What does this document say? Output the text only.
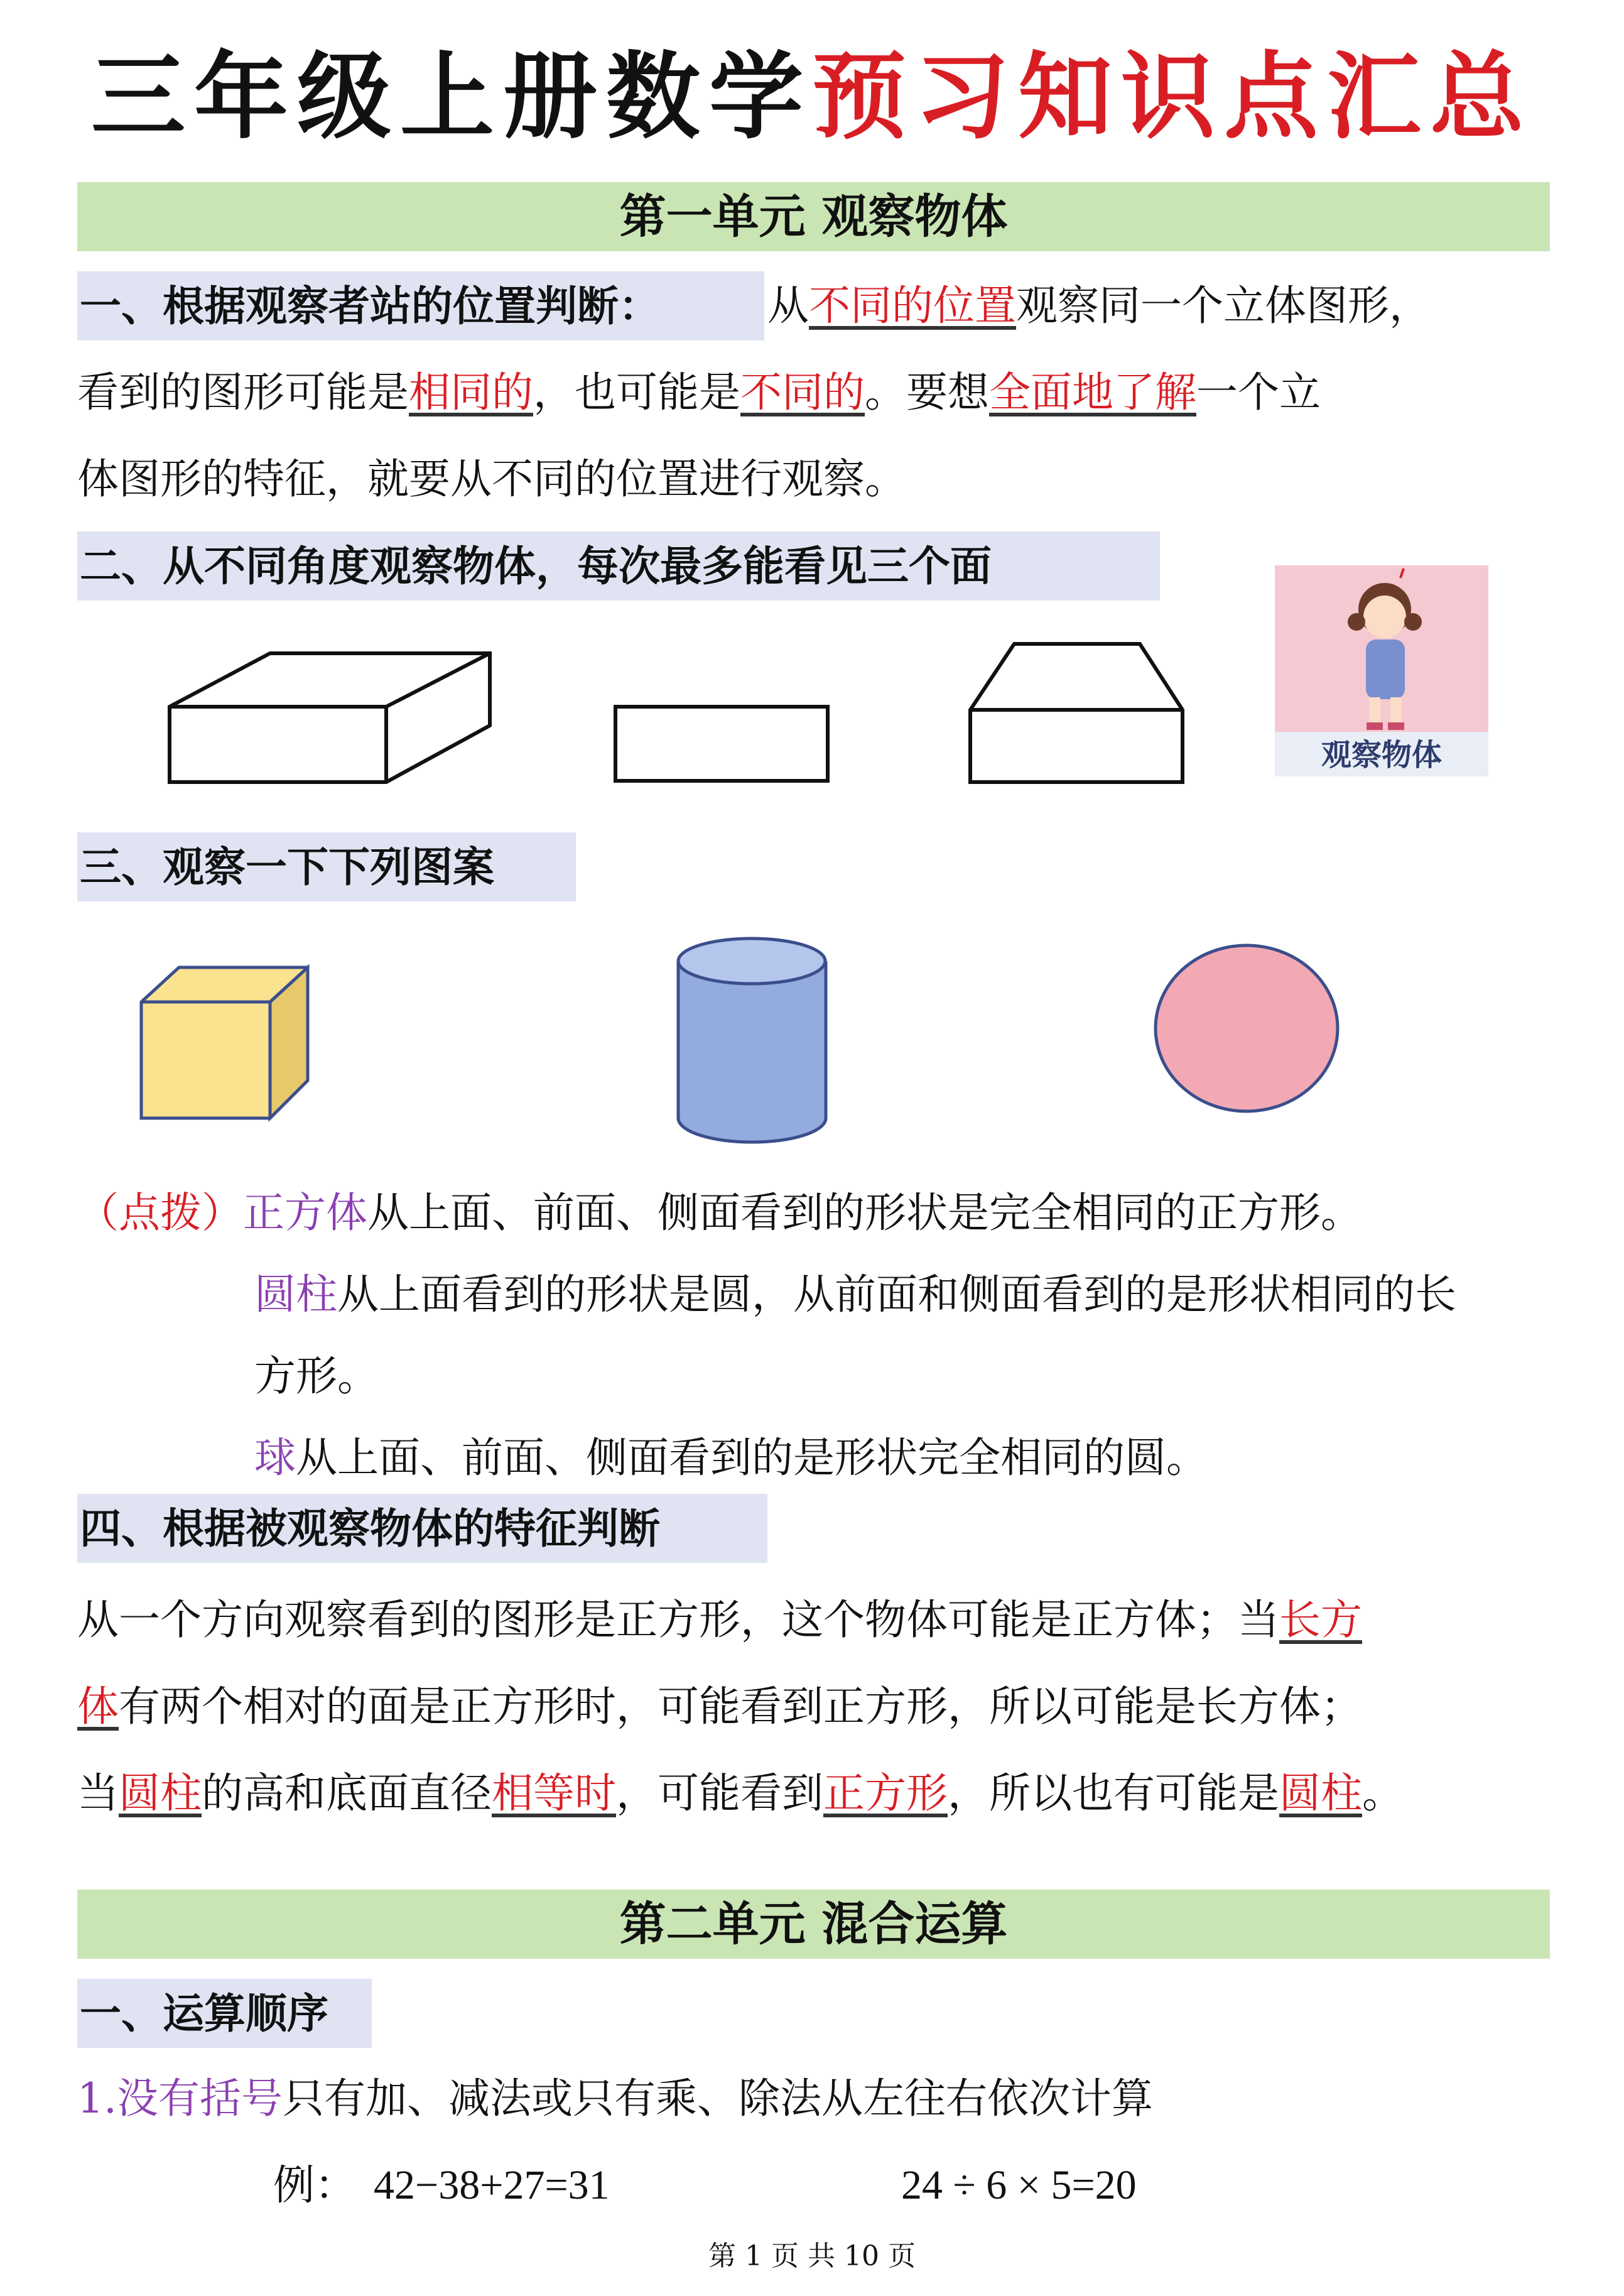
三年级上册数学预习知识点汇总
第一单元 观察物体
一、根据观察者站的位置判断：	从不同的位置观察同一个立体图形，
看到的图形可能是相同的，也可能是不同的。要想全面地了解一个立
体图形的特征，就要从不同的位置进行观察。
二、从不同角度观察物体，每次最多能看见三个面
观察物体
三、观察一下下列图案
（点拨）正方体从上面、前面、侧面看到的形状是完全相同的正方形。
圆柱从上面看到的形状是圆，从前面和侧面看到的是形状相同的长
方形。
球从上面、前面、侧面看到的是形状完全相同的圆。
四、根据被观察物体的特征判断
从一个方向观察看到的图形是正方形，这个物体可能是正方体；当长方
体有两个相对的面是正方形时，可能看到正方形，所以可能是长方体；
当圆柱的高和底面直径相等时，可能看到正方形，所以也有可能是圆柱。
第二单元 混合运算
一、运算顺序
1.没有括号只有加、减法或只有乘、除法从左往右依次计算
例： 42−38+27=31	24 ÷ 6 × 5=20
第 1 页 共 10 页
